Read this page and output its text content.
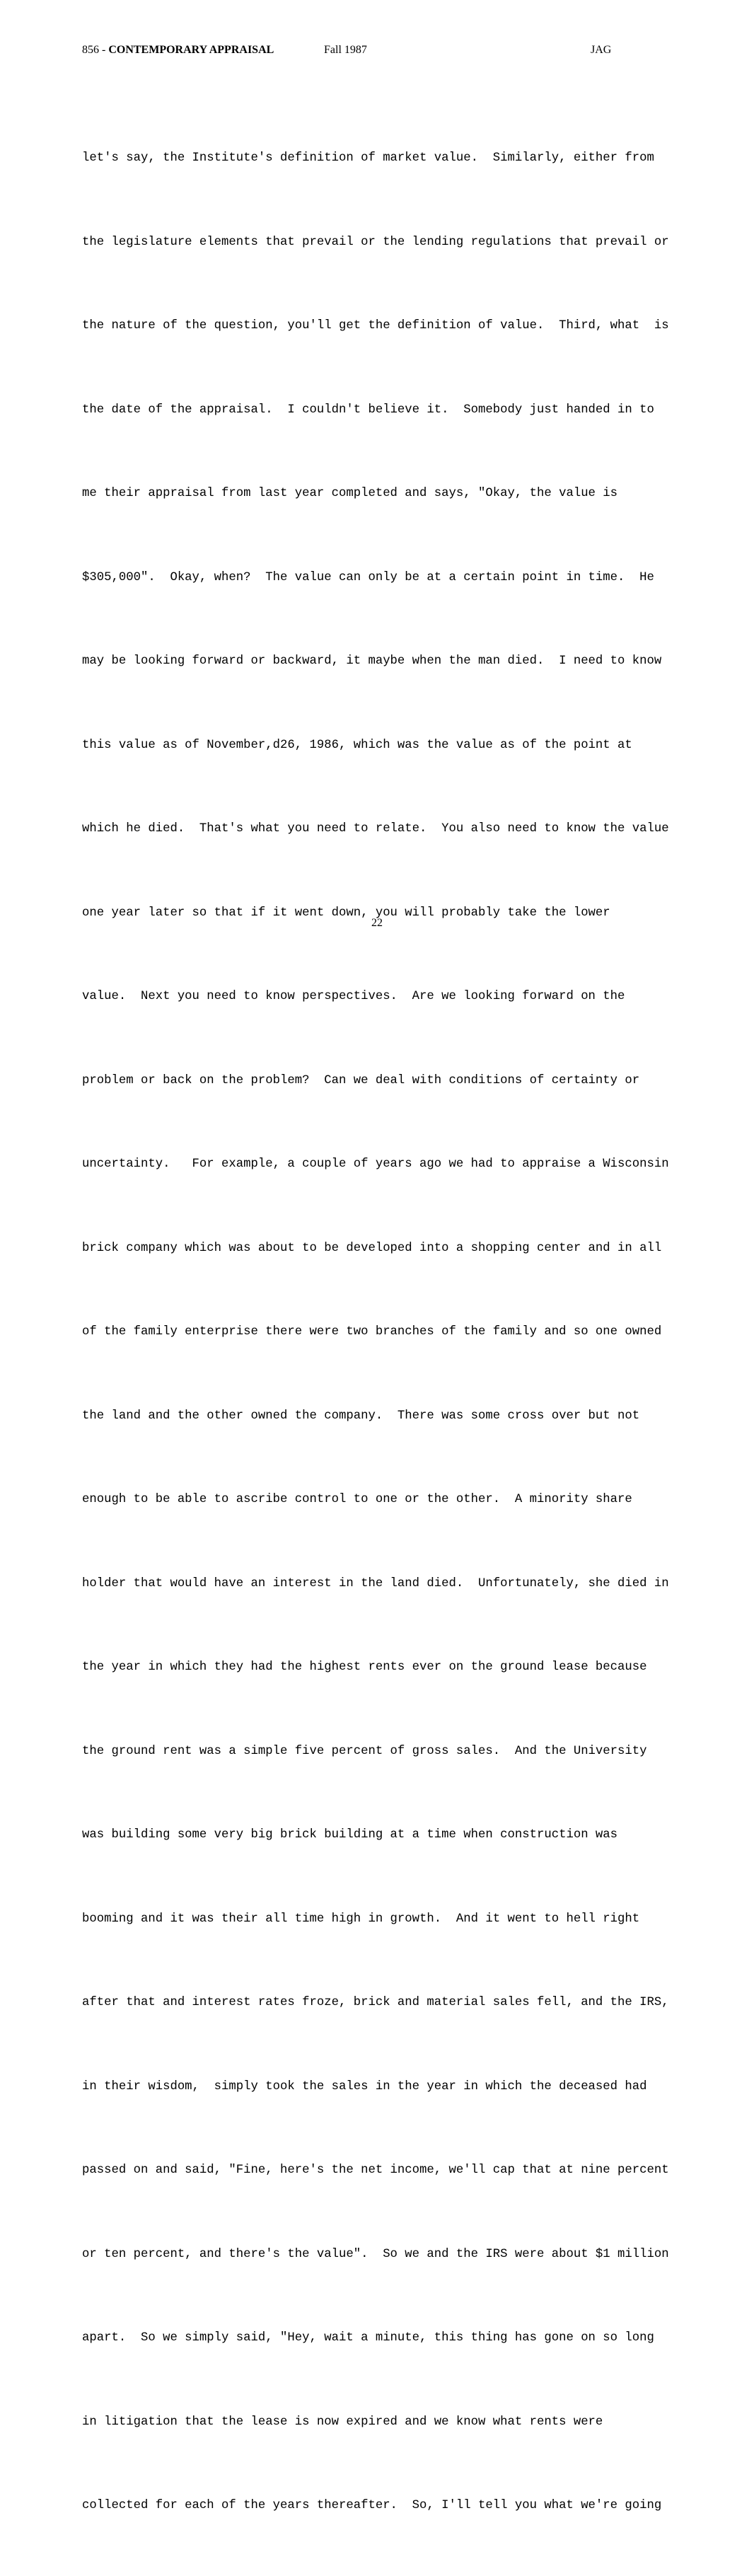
856 - CONTEMPORARY APPRAISAL	Fall 1987	JAG

let's say, the Institute's definition of market value.  Similarly, either from

the legislature elements that prevail or the lending regulations that prevail or

the nature of the question, you'll get the definition of value.  Third, what  is

the date of the appraisal.  I couldn't believe it.  Somebody just handed in to

me their appraisal from last year completed and says, "Okay, the value is

$305,000".  Okay, when?  The value can only be at a certain point in time.  He

may be looking forward or backward, it maybe when the man died.  I need to know

this value as of November,d26, 1986, which was the value as of the point at

which he died.  That's what you need to relate.  You also need to know the value

one year later so that if it went down, you will probably take the lower

value.  Next you need to know perspectives.  Are we looking forward on the

problem or back on the problem?  Can we deal with conditions of certainty or

uncertainty.   For example, a couple of years ago we had to appraise a Wisconsin

brick company which was about to be developed into a shopping center and in all

of the family enterprise there were two branches of the family and so one owned

the land and the other owned the company.  There was some cross over but not

enough to be able to ascribe control to one or the other.  A minority share

holder that would have an interest in the land died.  Unfortunately, she died in

the year in which they had the highest rents ever on the ground lease because

the ground rent was a simple five percent of gross sales.  And the University

was building some very big brick building at a time when construction was

booming and it was their all time high in growth.  And it went to hell right

after that and interest rates froze, brick and material sales fell, and the IRS,

in their wisdom,  simply took the sales in the year in which the deceased had

passed on and said, "Fine, here's the net income, we'll cap that at nine percent

or ten percent, and there's the value".  So we and the IRS were about $1 million

apart.  So we simply said, "Hey, wait a minute, this thing has gone on so long

in litigation that the lease is now expired and we know what rents were

collected for each of the years thereafter.  So, I'll tell you what we're going

22
